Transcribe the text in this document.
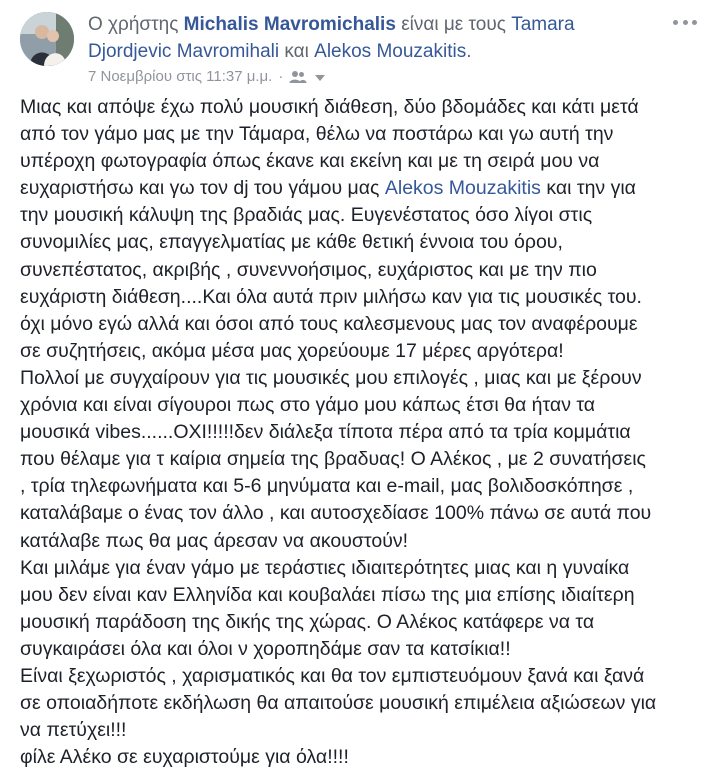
Ο χρήστης Michalis Mavromichalis είναι με τους Tamara
Djordjevic Mavromihali και Alekos Mouzakitis.
7 Νοεμβρίου στις 11:37 μ.μ. ·

Μιας και απόψε έχω πολύ μουσική διάθεση, δύο βδομάδες και κάτι μετά

από τον γάμο μας με την Τάμαρα, θέλω να ποστάρω και γω αυτή την

υπέροχη φωτογραφία όπως έκανε και εκείνη και με τη σειρά μου να

ευχαριστήσω και γω τον dj του γάμου μας Alekos Mouzakitis και την για

την μουσική κάλυψη της βραδιάς μας. Ευγενέστατος όσο λίγοι στις

συνομιλίες μας, επαγγελματίας με κάθε θετική έννοια του όρου,

συνεπέστατος, ακριβής , συνεννοήσιμος, ευχάριστος και με την πιο

ευχάριστη διάθεση....Και όλα αυτά πριν μιλήσω καν για τις μουσικές του.

όχι μόνο εγώ αλλά και όσοι από τους καλεσμενους μας τον αναφέρουμε

σε συζητήσεις, ακόμα μέσα μας χορεύουμε 17 μέρες αργότερα!

Πολλοί με συγχαίρουν για τις μουσικές μου επιλογές , μιας και με ξέρουν

χρόνια και είναι σίγουροι πως στο γάμο μου κάπως έτσι θα ήταν τα

μουσικά vibes......ΟΧΙ!!!!!δεν διάλεξα τίποτα πέρα από τα τρία κομμάτια

που θέλαμε για τ καίρια σημεία της βραδυας! Ο Αλέκος , με 2 συνατήσεις

, τρία τηλεφωνήματα και 5-6 μηνύματα και e-mail, μας βολιδοσκόπησε ,

καταλάβαμε ο ένας τον άλλο , και αυτοσχεδίασε 100% πάνω σε αυτά που

κατάλαβε πως θα μας άρεσαν να ακουστούν!

Και μιλάμε για έναν γάμο με τεράστιες ιδιαιτερότητες μιας και η γυναίκα

μου δεν είναι καν Ελληνίδα και κουβαλάει πίσω της μια επίσης ιδιαίτερη

μουσική παράδοση της δικής της χώρας. Ο Αλέκος κατάφερε να τα

συγκαιράσει όλα και όλοι ν χοροπηδάμε σαν τα κατσίκια!!

Είναι ξεχωριστός , χαρισματικός και θα τον εμπιστευόμουν ξανά και ξανά

σε οποιαδήποτε εκδήλωση θα απαιτούσε μουσική επιμέλεια αξιώσεων για

να πετύχει!!!

φίλε Αλέκο σε ευχαριστούμε για όλα!!!!
